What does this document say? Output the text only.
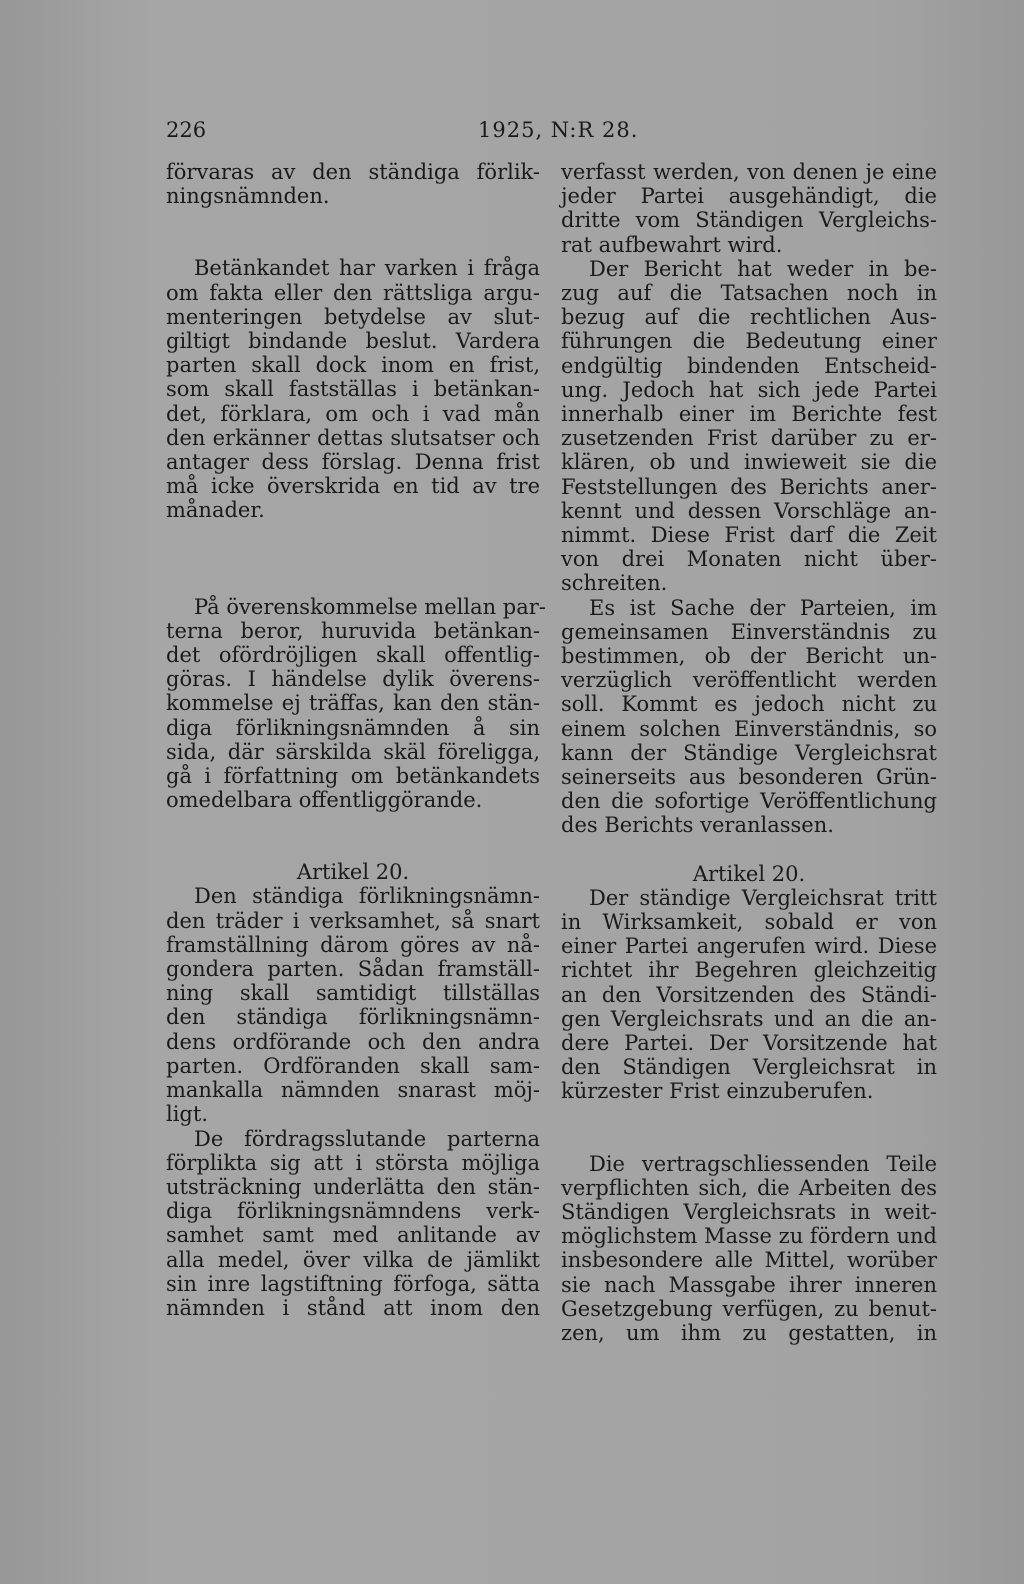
226	1925, N:R 28.

förvaras av den ständiga förlik-
ningsnämnden.

Betänkandet har varken i fråga
om fakta eller den rättsliga argu-
menteringen betydelse av slut-
giltigt bindande beslut. Vardera
parten skall dock inom en frist,
som skall fastställas i betänkan-
det, förklara, om och i vad mån
den erkänner dettas slutsatser och
antager dess förslag. Denna frist
må icke överskrida en tid av tre
månader.

På överenskommelse mellan par-
terna beror, huruvida betänkan-
det ofördröjligen skall offentlig-
göras. I händelse dylik överens-
kommelse ej träffas, kan den stän-
diga förlikningsnämnden å sin
sida, där särskilda skäl föreligga,
gå i författning om betänkandets
omedelbara offentliggörande.

Artikel 20.

Den ständiga förlikningsnämn-
den träder i verksamhet, så snart
framställning därom göres av nå-
gondera parten. Sådan framställ-
ning skall samtidigt tillställas
den ständiga förlikningsnämn-
dens ordförande och den andra
parten. Ordföranden skall sam-
mankalla nämnden snarast möj-
ligt.

De fördragsslutande parterna
förplikta sig att i största möjliga
utsträckning underlätta den stän-
diga förlikningsnämndens verk-
samhet samt med anlitande av
alla medel, över vilka de jämlikt
sin inre lagstiftning förfoga, sätta
nämnden i stånd att inom den

verfasst werden, von denen je eine
jeder Partei ausgehändigt, die
dritte vom Ständigen Vergleichs-
rat aufbewahrt wird.

Der Bericht hat weder in be-
zug auf die Tatsachen noch in
bezug auf die rechtlichen Aus-
führungen die Bedeutung einer
endgültig bindenden Entscheid-
ung. Jedoch hat sich jede Partei
innerhalb einer im Berichte fest
zusetzenden Frist darüber zu er-
klären, ob und inwieweit sie die
Feststellungen des Berichts aner-
kennt und dessen Vorschläge an-
nimmt. Diese Frist darf die Zeit
von drei Monaten nicht über-
schreiten.

Es ist Sache der Parteien, im
gemeinsamen Einverständnis zu
bestimmen, ob der Bericht un-
verzüglich veröffentlicht werden
soll. Kommt es jedoch nicht zu
einem solchen Einverständnis, so
kann der Ständige Vergleichsrat
seinerseits aus besonderen Grün-
den die sofortige Veröffentlichung
des Berichts veranlassen.

Artikel 20.

Der ständige Vergleichsrat tritt
in Wirksamkeit, sobald er von
einer Partei angerufen wird. Diese
richtet ihr Begehren gleichzeitig
an den Vorsitzenden des Ständi-
gen Vergleichsrats und an die an-
dere Partei. Der Vorsitzende hat
den Ständigen Vergleichsrat in
kürzester Frist einzuberufen.

Die vertragschliessenden Teile
verpflichten sich, die Arbeiten des
Ständigen Vergleichsrats in weit-
möglichstem Masse zu fördern und
insbesondere alle Mittel, worüber
sie nach Massgabe ihrer inneren
Gesetzgebung verfügen, zu benut-
zen, um ihm zu gestatten, in
